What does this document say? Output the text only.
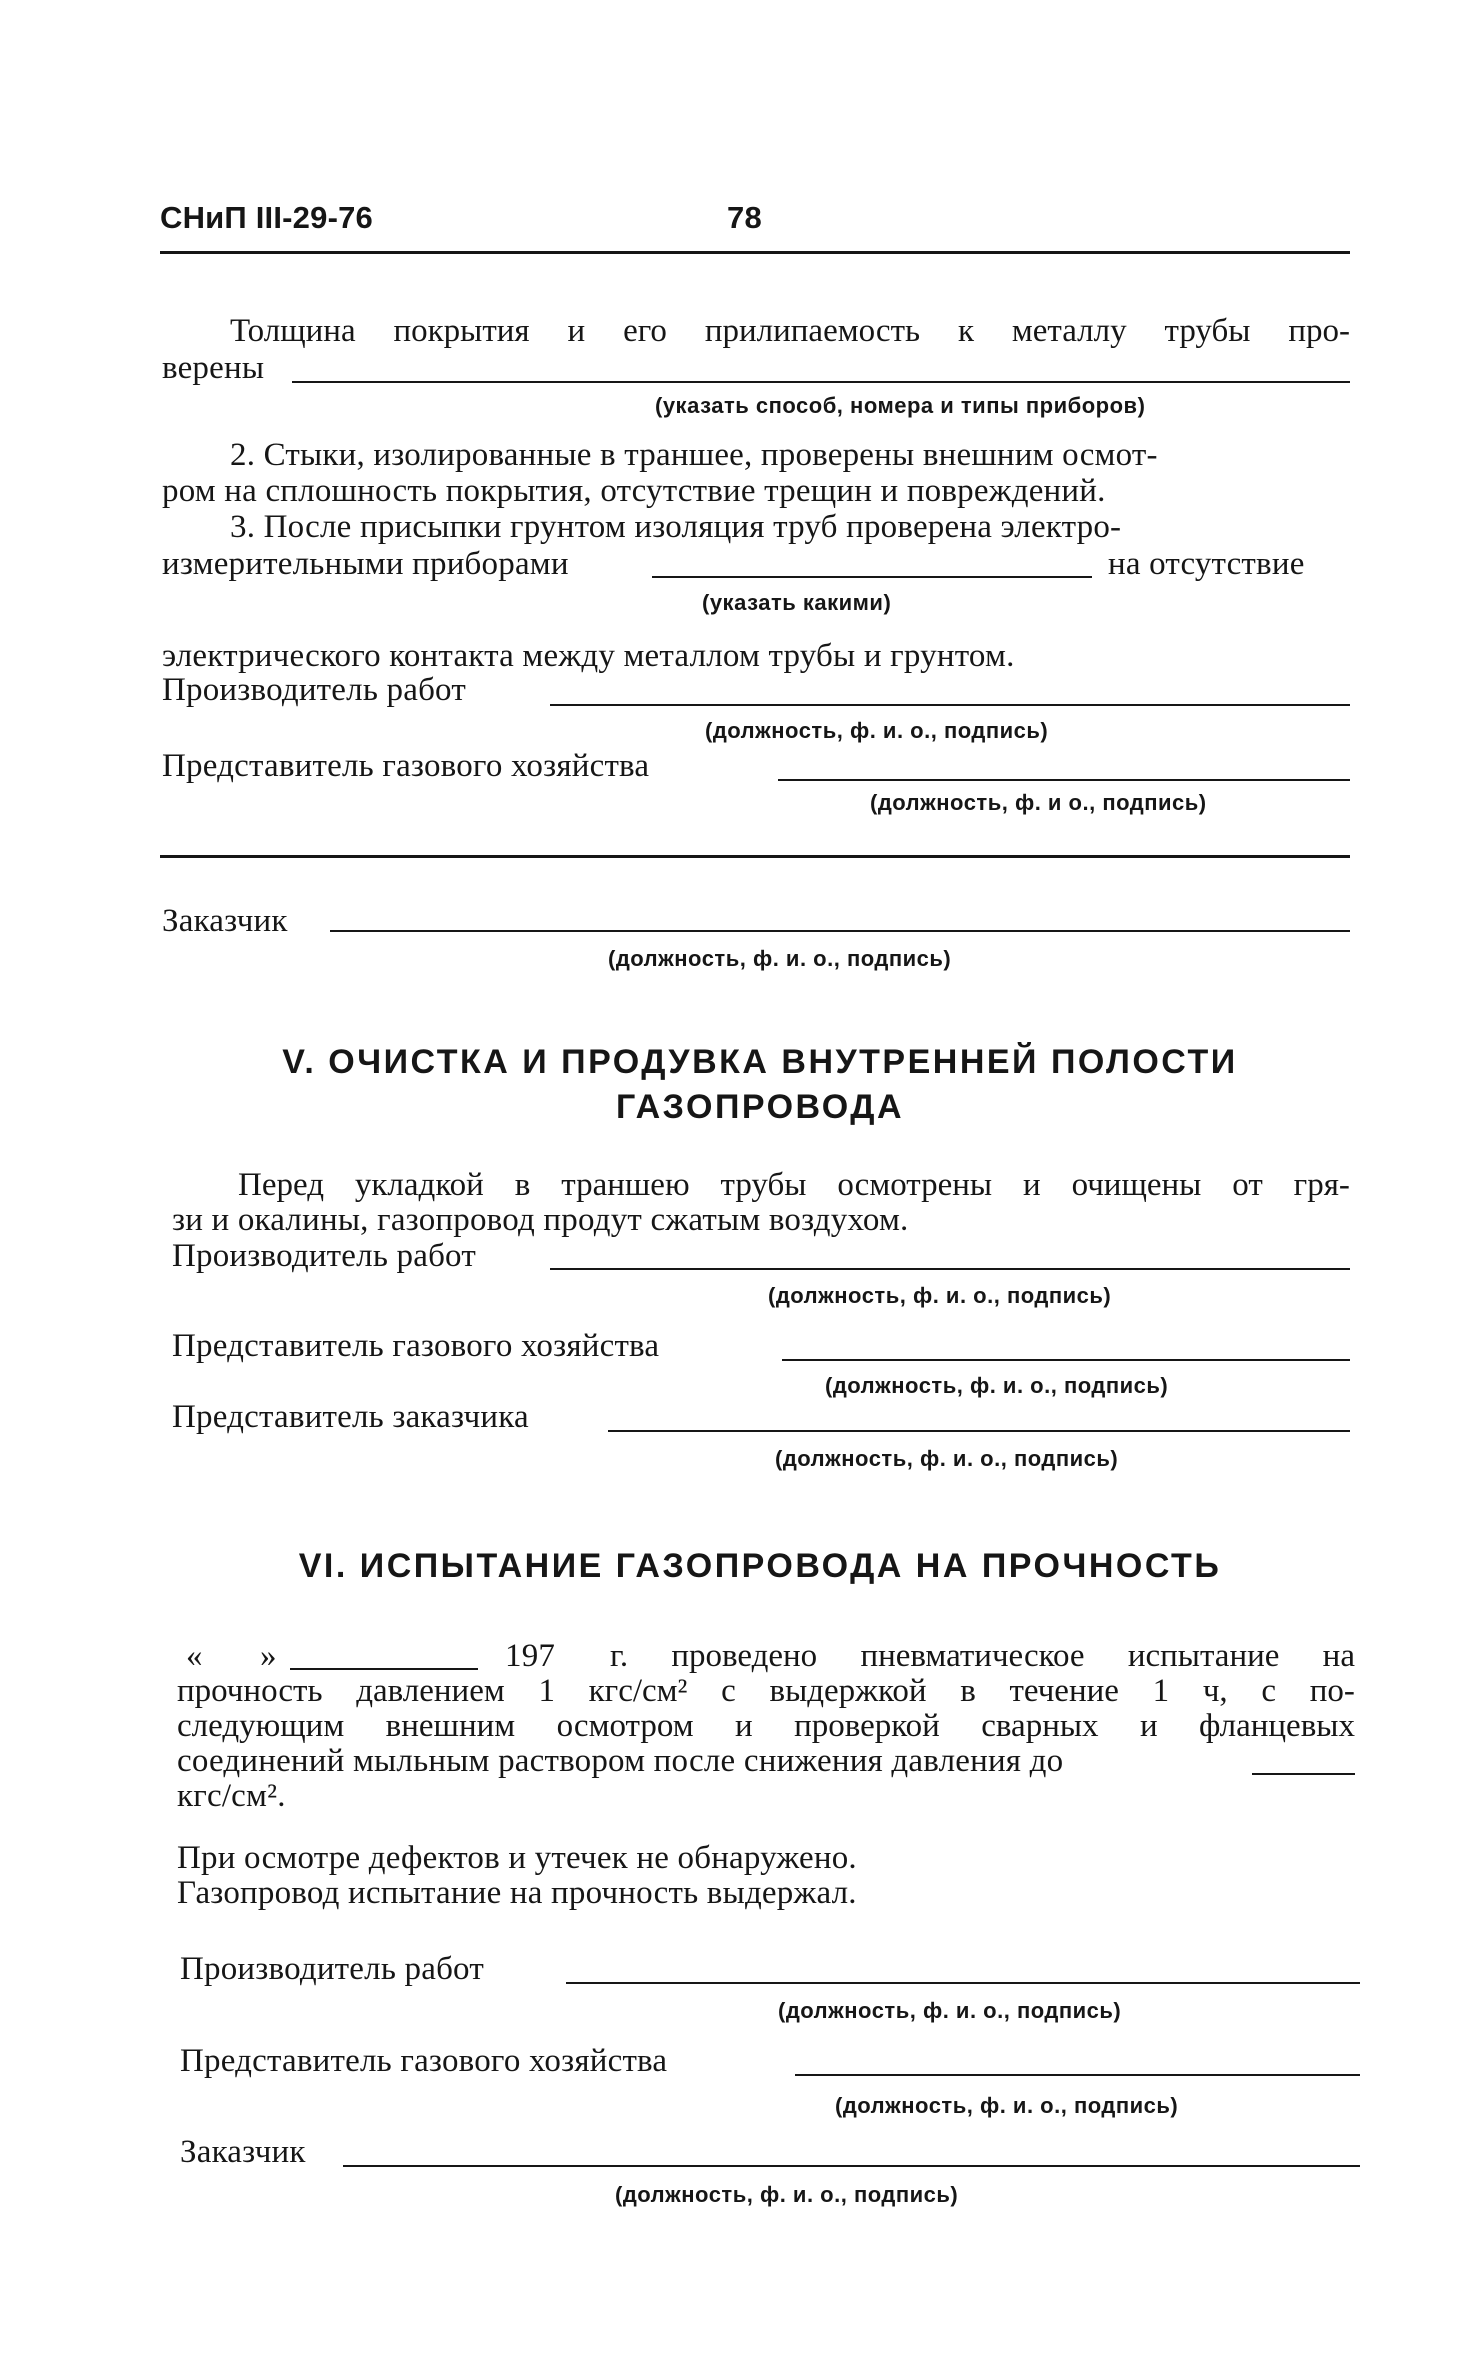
СНиП III-29-76	78
Толщина покрытия и его прилипаемость к металлу трубы про-
верены
(указать способ, номера и типы приборов)
2. Стыки, изолированные в траншее, проверены внешним осмот-
ром на сплошность покрытия, отсутствие трещин и повреждений.
3. После присыпки грунтом изоляция труб проверена электро-
измерительными приборами	на отсутствие
(указать какими)
электрического контакта между металлом трубы и грунтом.
Производитель работ
(должность, ф. и. о., подпись)
Представитель газового хозяйства
(должность, ф. и о., подпись)
Заказчик
(должность, ф. и. о., подпись)
V. ОЧИСТКА И ПРОДУВКА ВНУТРЕННЕЙ ПОЛОСТИ
ГАЗОПРОВОДА
Перед укладкой в траншею трубы осмотрены и очищены от гря-
зи и окалины, газопровод продут сжатым воздухом.
Производитель работ
(должность, ф. и. о., подпись)
Представитель газового хозяйства
(должность, ф. и. о., подпись)
Представитель заказчика
(должность, ф. и. о., подпись)
VI. ИСПЫТАНИЕ ГАЗОПРОВОДА НА ПРОЧНОСТЬ
« »	197 г. проведено пневматическое испытание на
прочность давлением 1 кгс/см² с выдержкой в течение 1 ч, с по-
следующим внешним осмотром и проверкой сварных и фланцевых
соединений мыльным раствором после снижения давления до
кгс/см².
При осмотре дефектов и утечек не обнаружено.
Газопровод испытание на прочность выдержал.
Производитель работ
(должность, ф. и. о., подпись)
Представитель газового хозяйства
(должность, ф. и. о., подпись)
Заказчик
(должность, ф. и. о., подпись)
